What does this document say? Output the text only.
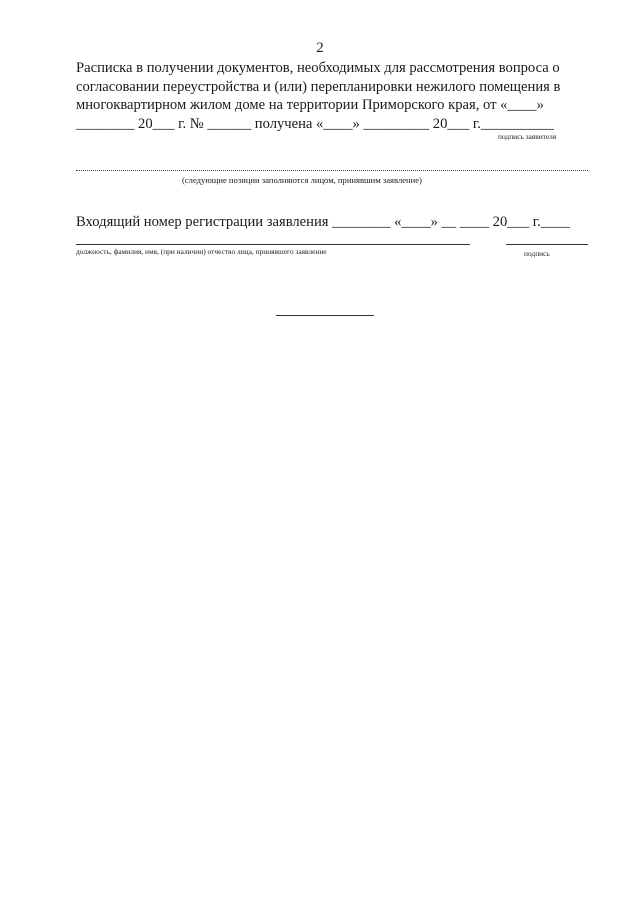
2
Расписка в получении документов, необходимых для рассмотрения вопроса о
согласовании переустройства и (или) перепланировки нежилого помещения в
многоквартирном жилом доме на территории Приморского края, от «____»
________ 20___ г. № ______ получена «____» _________ 20___ г.__________
подпись заявителя
(следующие позиции заполняются лицом, принявшим заявление)
Входящий номер регистрации заявления ________ «____» __ ____ 20___ г.____
должность, фамилия, имя, (при наличии) отчество лица, принявшего заявление	подпись
